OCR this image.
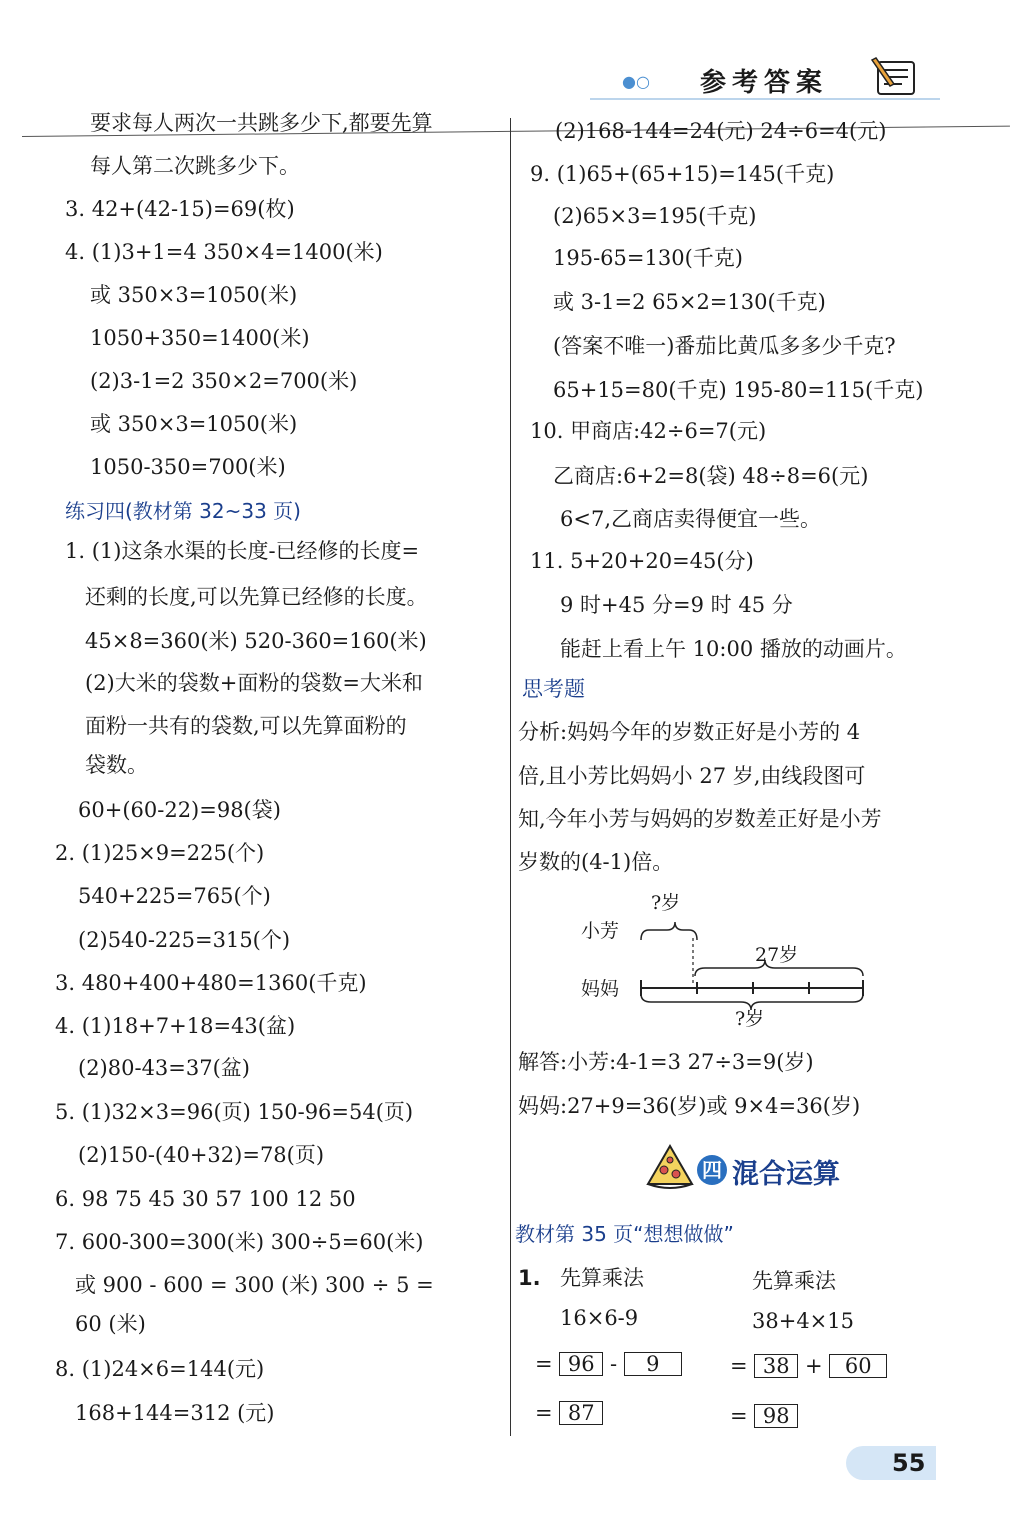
●○ 参考答案
要求每人两次一共跳多少下,都要先算
每人第二次跳多少下。
3. 42+(42-15)=69(枚)
4. (1)3+1=4 350×4=1400(米)
或 350×3=1050(米)
1050+350=1400(米)
(2)3-1=2 350×2=700(米)
或 350×3=1050(米)
1050-350=700(米)
练习四(教材第 32~33 页)
1. (1)这条水渠的长度-已经修的长度=
还剩的长度,可以先算已经修的长度。
45×8=360(米) 520-360=160(米)
(2)大米的袋数+面粉的袋数=大米和
面粉一共有的袋数,可以先算面粉的
袋数。
60+(60-22)=98(袋)
2. (1)25×9=225(个)
540+225=765(个)
(2)540-225=315(个)
3. 480+400+480=1360(千克)
4. (1)18+7+18=43(盆)
(2)80-43=37(盆)
5. (1)32×3=96(页) 150-96=54(页)
(2)150-(40+32)=78(页)
6. 98 75 45 30 57 100 12 50
7. 600-300=300(米) 300÷5=60(米)
或 900 - 600 = 300 (米) 300 ÷ 5 =
60 (米)
8. (1)24×6=144(元)
168+144=312 (元)
(2)168-144=24(元) 24÷6=4(元)
9. (1)65+(65+15)=145(千克)
(2)65×3=195(千克)
195-65=130(千克)
或 3-1=2 65×2=130(千克)
(答案不唯一)番茄比黄瓜多多少千克?
65+15=80(千克) 195-80=115(千克)
10. 甲商店:42÷6=7(元)
乙商店:6+2=8(袋) 48÷8=6(元)
6<7,乙商店卖得便宜一些。
11. 5+20+20=45(分)
9 时+45 分=9 时 45 分
能赶上看上午 10:00 播放的动画片。
思考题
分析:妈妈今年的岁数正好是小芳的 4
倍,且小芳比妈妈小 27 岁,由线段图可
知,今年小芳与妈妈的岁数差正好是小芳
岁数的(4-1)倍。
?岁
小芳
27岁
妈妈
?岁
解答:小芳:4-1=3 27÷3=9(岁)
妈妈:27+9=36(岁)或 9×4=36(岁)
四 混合运算
教材第 35 页“想想做做”
1. 先算乘法	先算乘法
16×6-9	38+4×15
= 96 - 9	= 38 + 60
= 87	= 98
55
